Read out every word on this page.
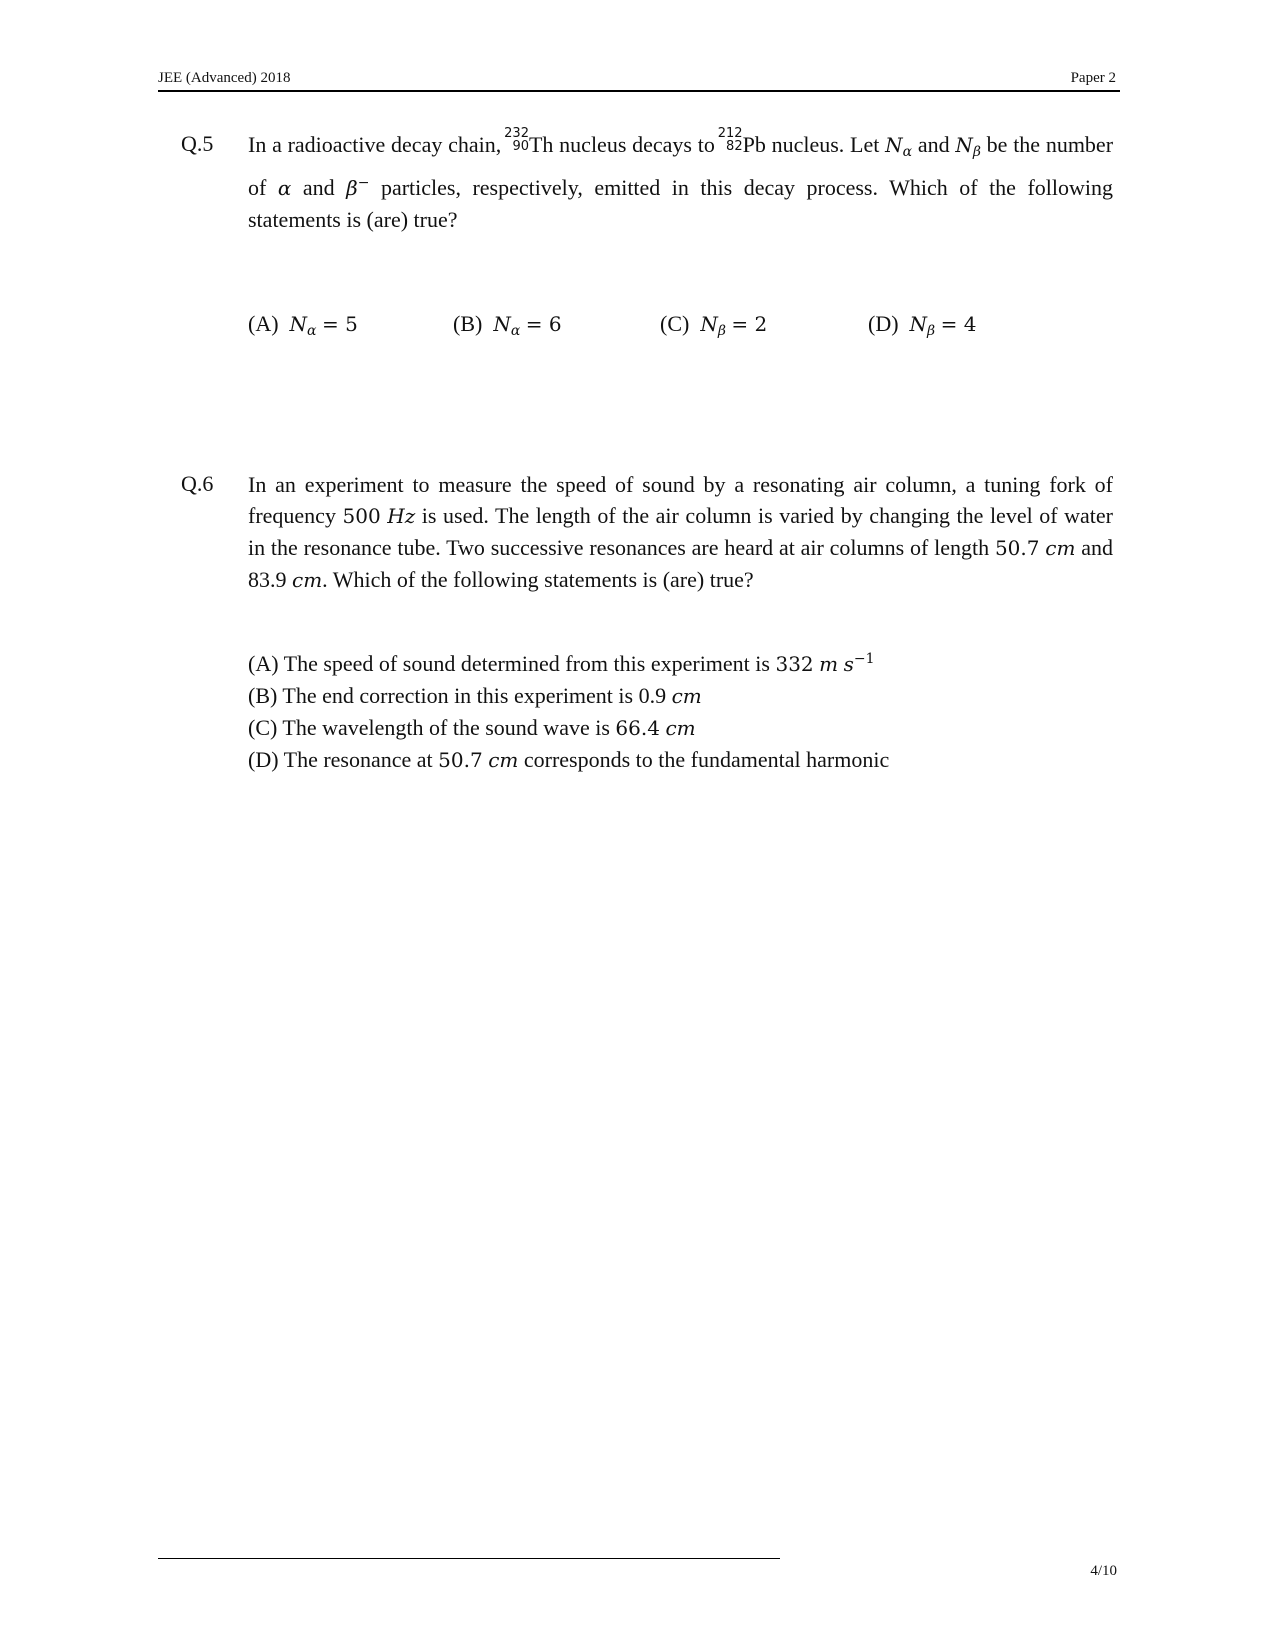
JEE (Advanced) 2018	Paper 2
Q.5 In a radioactive decay chain,
232
90 Th nucleus decays to
212
82 Pb nucleus. Let $N_\alpha$ and $N_\beta$ be the number of α and β− particles, respectively, emitted in this decay process. Which of the following statements is (are) true?
(A) $N_\alpha = 5$	(B) $N_\alpha = 6$	(C) $N_\beta = 2$	(D) $N_\beta = 4$
Q.6 In an experiment to measure the speed of sound by a resonating air column, a tuning fork of frequency 500 Hz is used. The length of the air column is varied by changing the level of water in the resonance tube. Two successive resonances are heard at air columns of length 50.7 cm and 83.9 cm. Which of the following statements is (are) true?
(A) The speed of sound determined from this experiment is 332 m $s^{-1}$
(B) The end correction in this experiment is 0.9 cm
(C) The wavelength of the sound wave is 66.4 cm
(D) The resonance at 50.7 cm corresponds to the fundamental harmonic
4/10
